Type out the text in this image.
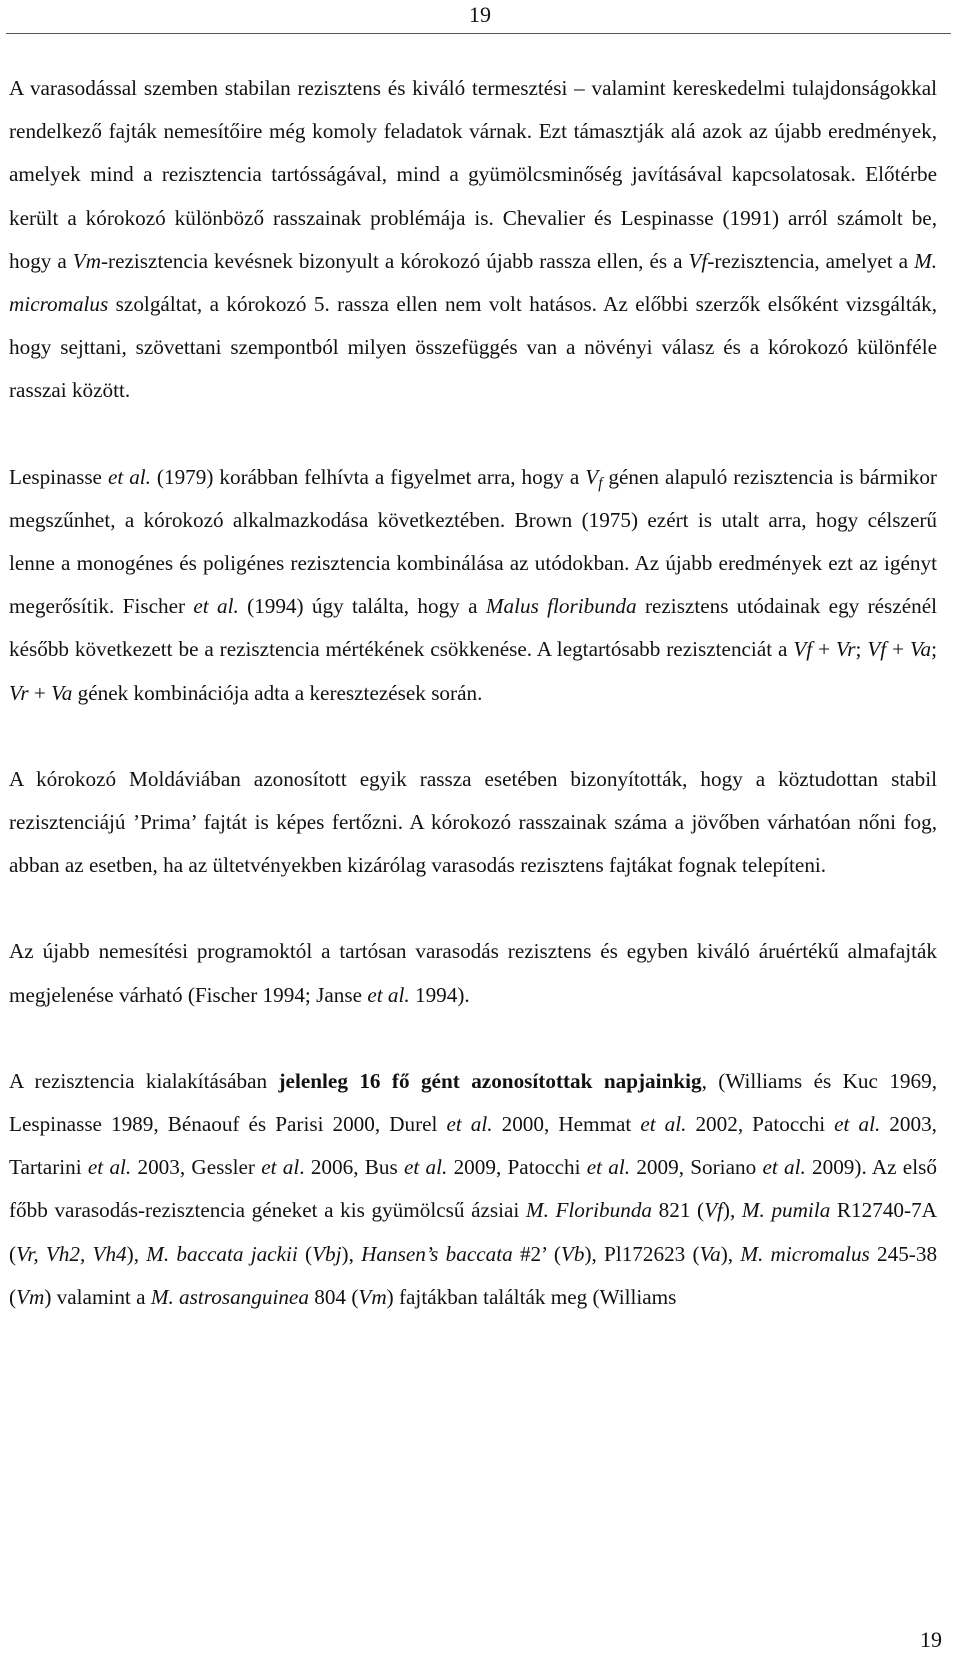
19

A varasodással szemben stabilan rezisztens és kiváló termesztési – valamint kereskedelmi tulajdonságokkal rendelkező fajták nemesítőire még komoly feladatok várnak. Ezt támasztják alá azok az újabb eredmények, amelyek mind a rezisztencia tartósságával, mind a gyümölcsminőség javításával kapcsolatosak. Előtérbe került a kórokozó különböző rasszainak problémája is. Chevalier és Lespinasse (1991) arról számolt be, hogy a Vm-rezisztencia kevésnek bizonyult a kórokozó újabb rassza ellen, és a Vf-rezisztencia, amelyet a M. micromalus szolgáltat, a kórokozó 5. rassza ellen nem volt hatásos. Az előbbi szerzők elsőként vizsgálták, hogy sejttani, szövettani szempontból milyen összefüggés van a növényi válasz és a kórokozó különféle rasszai között.

Lespinasse et al. (1979) korábban felhívta a figyelmet arra, hogy a $V_f$ génen alapuló rezisztencia is bármikor megszűnhet, a kórokozó alkalmazkodása következtében. Brown (1975) ezért is utalt arra, hogy célszerű lenne a monogénes és poligénes rezisztencia kombinálása az utódokban. Az újabb eredmények ezt az igényt megerősítik. Fischer et al. (1994) úgy találta, hogy a Malus floribunda rezisztens utódainak egy részénél később következett be a rezisztencia mértékének csökkenése. A legtartósabb rezisztenciát a Vf + Vr; Vf + Va; Vr + Va gének kombinációja adta a keresztezések során.

A kórokozó Moldáviában azonosított egyik rassza esetében bizonyították, hogy a köztudottan stabil rezisztenciájú ’Prima’ fajtát is képes fertőzni. A kórokozó rasszainak száma a jövőben várhatóan nőni fog, abban az esetben, ha az ültetvényekben kizárólag varasodás rezisztens fajtákat fognak telepíteni.

Az újabb nemesítési programoktól a tartósan varasodás rezisztens és egyben kiváló áruértékű almafajták megjelenése várható (Fischer 1994; Janse et al. 1994).

A rezisztencia kialakításában jelenleg 16 fő gént azonosítottak napjainkig, (Williams és Kuc 1969, Lespinasse 1989, Bénaouf és Parisi 2000, Durel et al. 2000, Hemmat et al. 2002, Patocchi et al. 2003, Tartarini et al. 2003, Gessler et al. 2006, Bus et al. 2009, Patocchi et al. 2009, Soriano et al. 2009). Az első főbb varasodás-rezisztencia géneket a kis gyümölcsű ázsiai M. Floribunda 821 (Vf), M. pumila R12740-7A (Vr, Vh2, Vh4), M. baccata jackii (Vbj), Hansen’s baccata #2’ (Vb), Pl172623 (Va), M. micromalus 245-38 (Vm) valamint a M. astrosanguinea 804 (Vm) fajtákban találták meg (Williams

19
